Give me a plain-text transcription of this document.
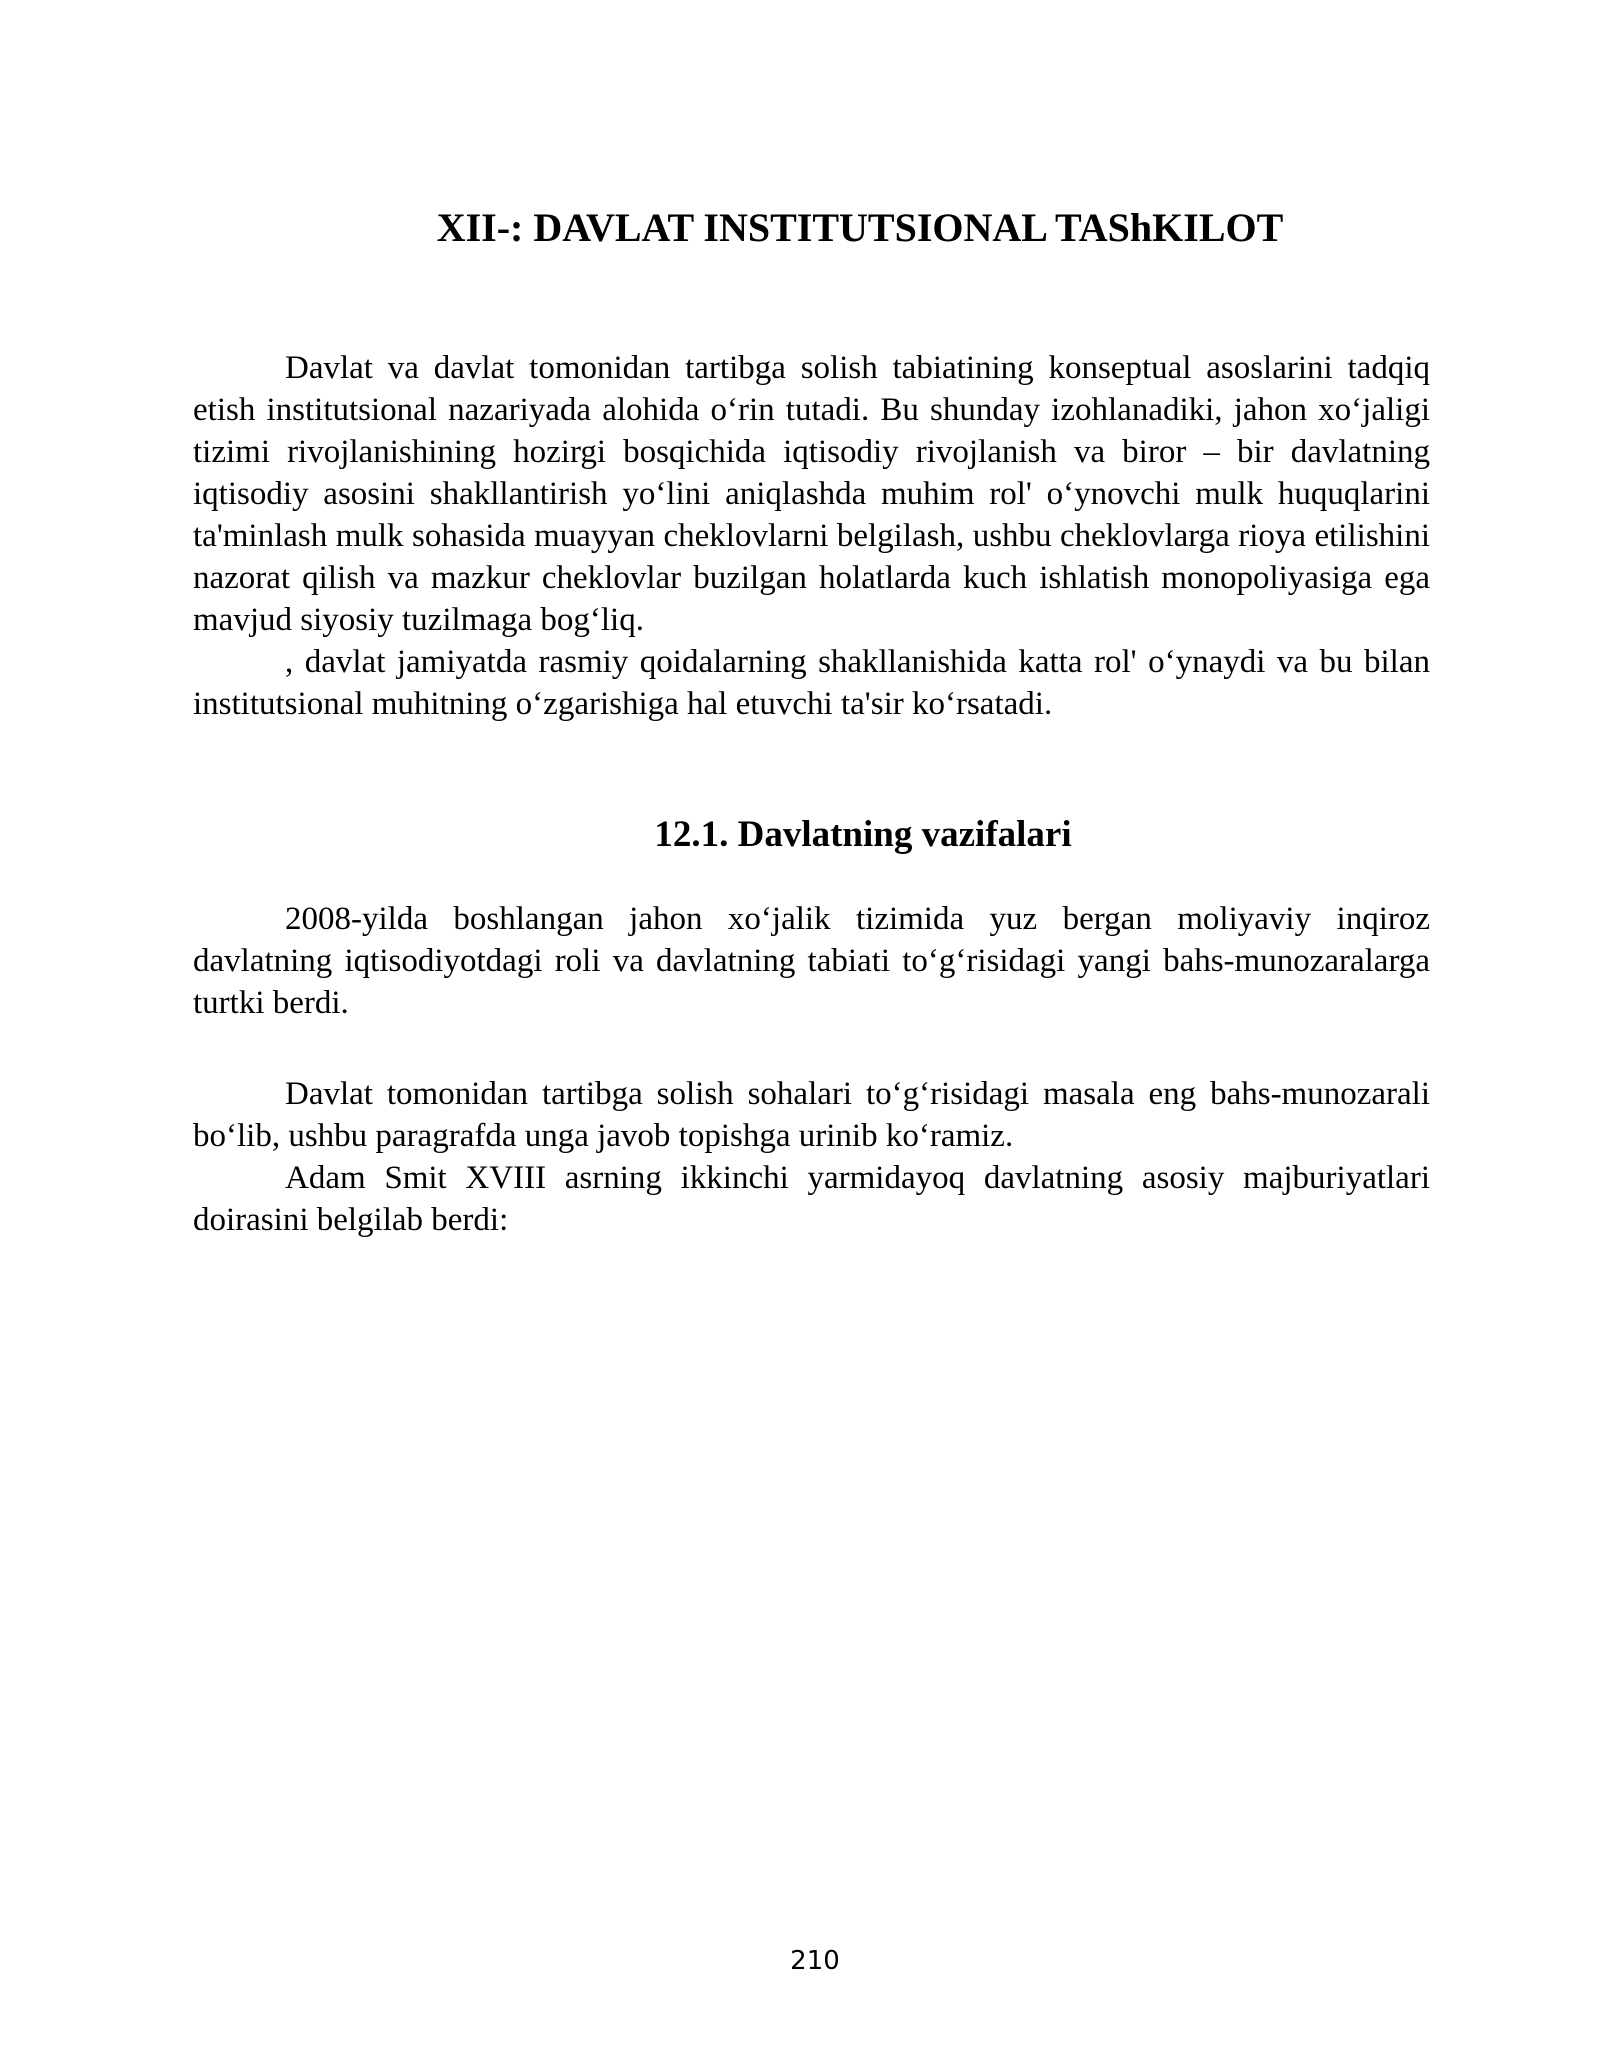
XII-: DAVLAT INSTITUTSIONAL TAShKILOT

Davlat va davlat tomonidan tartibga solish tabiatining konseptual asoslarini tadqiq etish institutsional nazariyada alohida o‘rin tutadi. Bu shunday izohlanadiki, jahon xo‘jaligi tizimi rivojlanishining hozirgi bosqichida iqtisodiy rivojlanish va biror – bir davlatning iqtisodiy asosini shakllantirish yo‘lini aniqlashda muhim rol' o‘ynovchi mulk huquqlarini ta'minlash mulk sohasida muayyan cheklovlarni belgilash, ushbu cheklovlarga rioya etilishini nazorat qilish va mazkur cheklovlar buzilgan holatlarda kuch ishlatish monopoliyasiga ega mavjud siyosiy tuzilmaga bog‘liq.

, davlat jamiyatda rasmiy qoidalarning shakllanishida katta rol' o‘ynaydi va bu bilan institutsional muhitning o‘zgarishiga hal etuvchi ta'sir ko‘rsatadi.

12.1. Davlatning vazifalari

2008-yilda boshlangan jahon xo‘jalik tizimida yuz bergan moliyaviy inqiroz davlatning iqtisodiyotdagi roli va davlatning tabiati to‘g‘risidagi yangi bahs-munozaralarga turtki berdi.

Davlat tomonidan tartibga solish sohalari to‘g‘risidagi masala eng bahs-munozarali bo‘lib, ushbu paragrafda unga javob topishga urinib ko‘ramiz.

Adam Smit XVIII asrning ikkinchi yarmidayoq davlatning asosiy majburiyatlari doirasini belgilab berdi:

210
